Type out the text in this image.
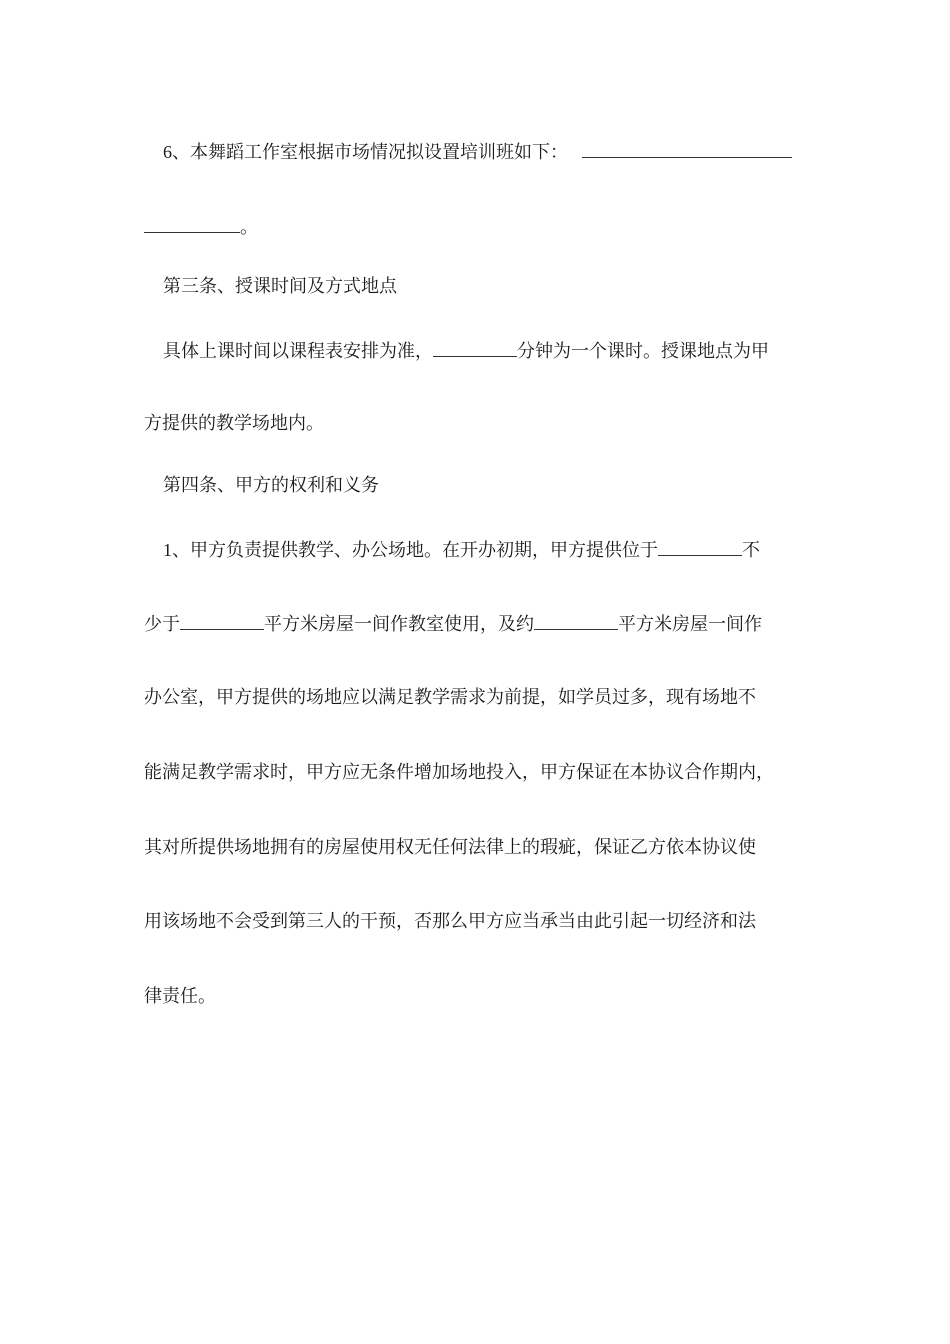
6、本舞蹈工作室根据市场情况拟设置培训班如下：
。
第三条、授课时间及方式地点
具体上课时间以课程表安排为准，	分钟为一个课时。授课地点为甲
方提供的教学场地内。
第四条、甲方的权利和义务
1、甲方负责提供教学、办公场地。在开办初期，甲方提供位于	不
少于	平方米房屋一间作教室使用，及约	平方米房屋一间作
办公室，甲方提供的场地应以满足教学需求为前提，如学员过多，现有场地不
能满足教学需求时，甲方应无条件增加场地投入，甲方保证在本协议合作期内，
其对所提供场地拥有的房屋使用权无任何法律上的瑕疵，保证乙方依本协议使
用该场地不会受到第三人的干预，否那么甲方应当承当由此引起一切经济和法
律责任。
